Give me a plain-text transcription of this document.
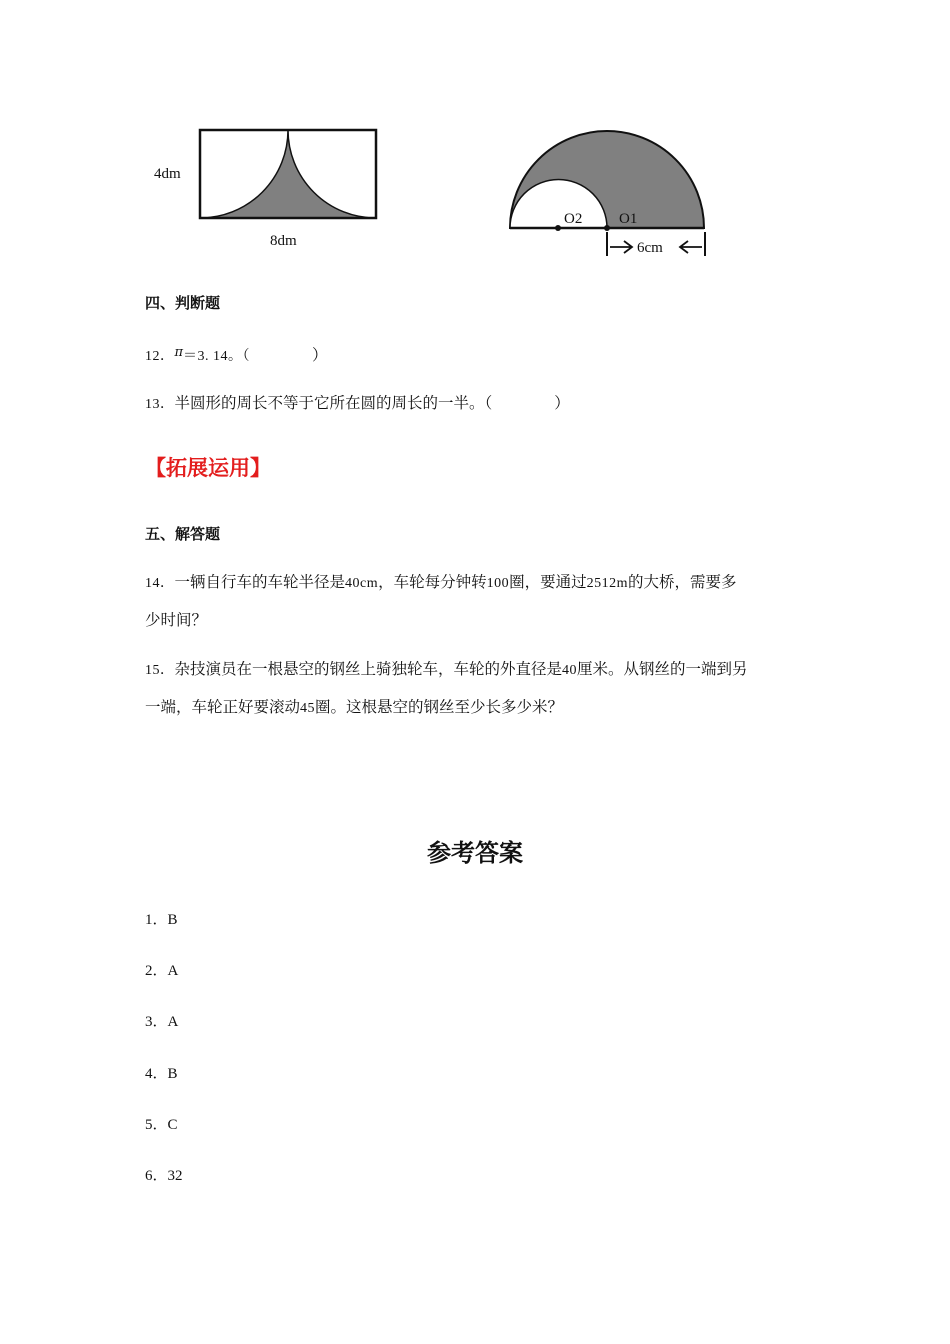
4dm
8dm
O2 O1
6cm
四、判断题
12．$^\pi$＝3. 14。（	）
13．半圆形的周长不等于它所在圆的周长的一半。（	）
【拓展运用】
五、解答题
14．一辆自行车的车轮半径是40cm，车轮每分钟转100圈，要通过2512m的大桥，需要多
少时间？
15．杂技演员在一根悬空的钢丝上骑独轮车，车轮的外直径是40厘米。从钢丝的一端到另
一端，车轮正好要滚动45圈。这根悬空的钢丝至少长多少米？
参考答案
1．B
2．A
3．A
4．B
5．C
6．32
